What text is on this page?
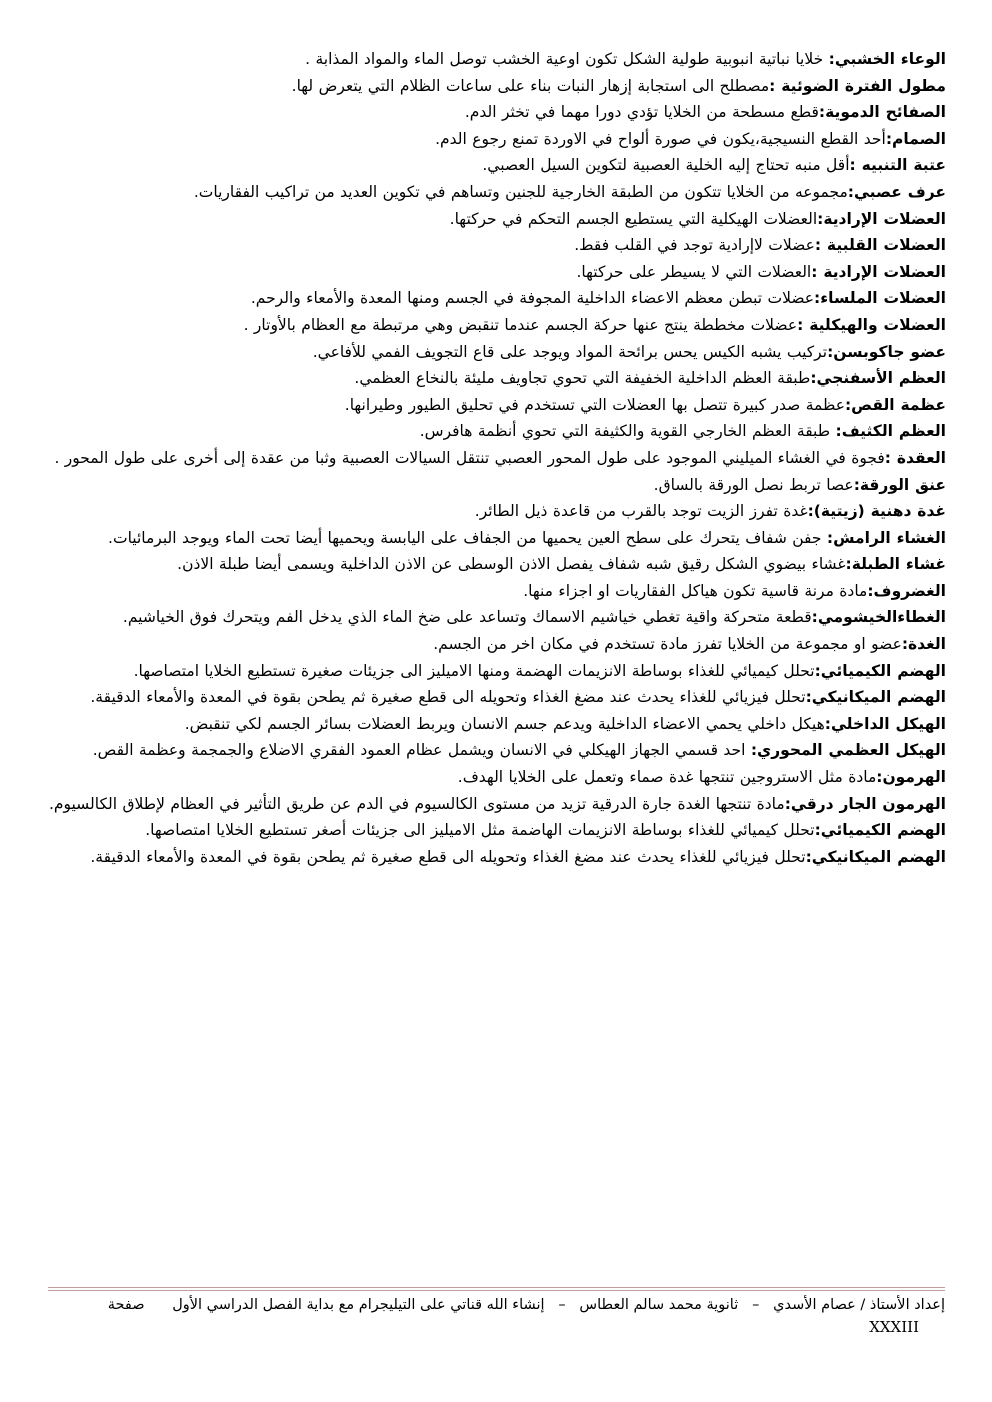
الوعاء الخشبي: خلايا نباتية انبوبية طولية الشكل تكون اوعية الخشب توصل الماء والمواد المذابة .

مطول الفترة الضوئية :مصطلح الى استجابة إزهار النبات بناء على ساعات الظلام التي يتعرض لها.

الصفائح الدموية:قطع مسطحة من الخلايا تؤدي دورا مهما في تخثر الدم.

الصمام:أحد القطع النسيجية،يكون في صورة ألواح في الاوردة تمنع رجوع الدم.

عتبة التنبيه :أقل منبه تحتاج إليه الخلية العصبية لتكوين السيل العصبي.

عرف عصبي:مجموعه من الخلايا تتكون من الطبقة الخارجية للجنين وتساهم في تكوين العديد من تراكيب الفقاريات.

العضلات الإرادية:العضلات الهيكلية التي يستطيع الجسم التحكم في حركتها.

العضلات القلبية :عضلات لاإرادية توجد في القلب فقط.

العضلات الإرادية :العضلات التي لا يسيطر على حركتها.

العضلات الملساء:عضلات تبطن معظم الاعضاء الداخلية المجوفة في الجسم ومنها المعدة والأمعاء والرحم.

العضلات والهيكلية :عضلات مخططة ينتج عنها حركة الجسم عندما تنقبض وهي مرتبطة مع العظام بالأوتار .

عضو جاكوبسن:تركيب يشبه الكيس يحس برائحة المواد ويوجد على قاع التجويف الفمي للأفاعي.

العظم الأسفنجي:طبقة العظم الداخلية الخفيفة التي تحوي تجاويف مليئة بالنخاع العظمي.

عظمة القص:عظمة صدر كبيرة تتصل بها العضلات التي تستخدم في تحليق الطيور وطيرانها.

العظم الكثيف: طبقة العظم الخارجي القوية والكثيفة التي تحوي أنظمة هافرس.

العقدة :فجوة في الغشاء الميليني الموجود على طول المحور العصبي تنتقل السيالات العصبية وثبا من عقدة إلى أخرى على طول المحور .

عنق الورقة:عصا تربط نصل الورقة بالساق.

غدة دهنية (زيتية):غدة تفرز الزيت توجد بالقرب من قاعدة ذيل الطائر.

الغشاء الرامش: جفن شفاف يتحرك على سطح العين يحميها من الجفاف على اليابسة ويحميها أيضا تحت الماء ويوجد البرمائيات.

غشاء الطبلة:غشاء بيضوي الشكل رقيق شبه شفاف يفصل الاذن الوسطى عن الاذن الداخلية ويسمى أيضا طبلة الاذن.

الغضروف:مادة مرنة قاسية تكون هياكل الفقاريات او اجزاء منها.

الغطاءالخيشومي:قطعة متحركة واقية تغطي خياشيم الاسماك وتساعد على ضخ الماء الذي يدخل الفم ويتحرك فوق الخياشيم.

الغدة:عضو او مجموعة من الخلايا تفرز مادة تستخدم في مكان اخر من الجسم.

الهضم الكيميائي:تحلل كيميائي للغذاء بوساطة الانزيمات الهضمة ومنها الاميليز الى جزيئات صغيرة تستطيع الخلايا امتصاصها.

الهضم الميكانيكي:تحلل فيزيائي للغذاء يحدث عند مضغ الغذاء وتحويله الى قطع صغيرة ثم يطحن بقوة في المعدة والأمعاء الدقيقة.

الهيكل الداخلي:هيكل داخلي يحمي الاعضاء الداخلية ويدعم جسم الانسان ويربط العضلات بسائر الجسم لكي تنقبض.

الهيكل العظمي المحوري: احد قسمي الجهاز الهيكلي في الانسان ويشمل عظام العمود الفقري الاضلاع والجمجمة وعظمة القص.

الهرمون:مادة مثل الاستروجين تنتجها غدة صماء وتعمل على الخلايا الهدف.

الهرمون الجار درقي:مادة تنتجها الغدة جارة الدرقية تزيد من مستوى الكالسيوم في الدم عن طريق التأثير في العظام لإطلاق الكالسيوم.

الهضم الكيميائي:تحلل كيميائي للغذاء بوساطة الانزيمات الهاضمة مثل الاميليز الى جزيئات أصغر تستطيع الخلايا امتصاصها.

الهضم الميكانيكي:تحلل فيزيائي للغذاء يحدث عند مضغ الغذاء وتحويله الى قطع صغيرة ثم يطحن بقوة في المعدة والأمعاء الدقيقة.

إعداد الأستاذ / عصام الأسدي   –   ثانوية محمد سالم العطاس   –   إنشاء الله قناتي على التيليجرام مع بداية الفصل الدراسي الأول      صفحة
XXXIII
